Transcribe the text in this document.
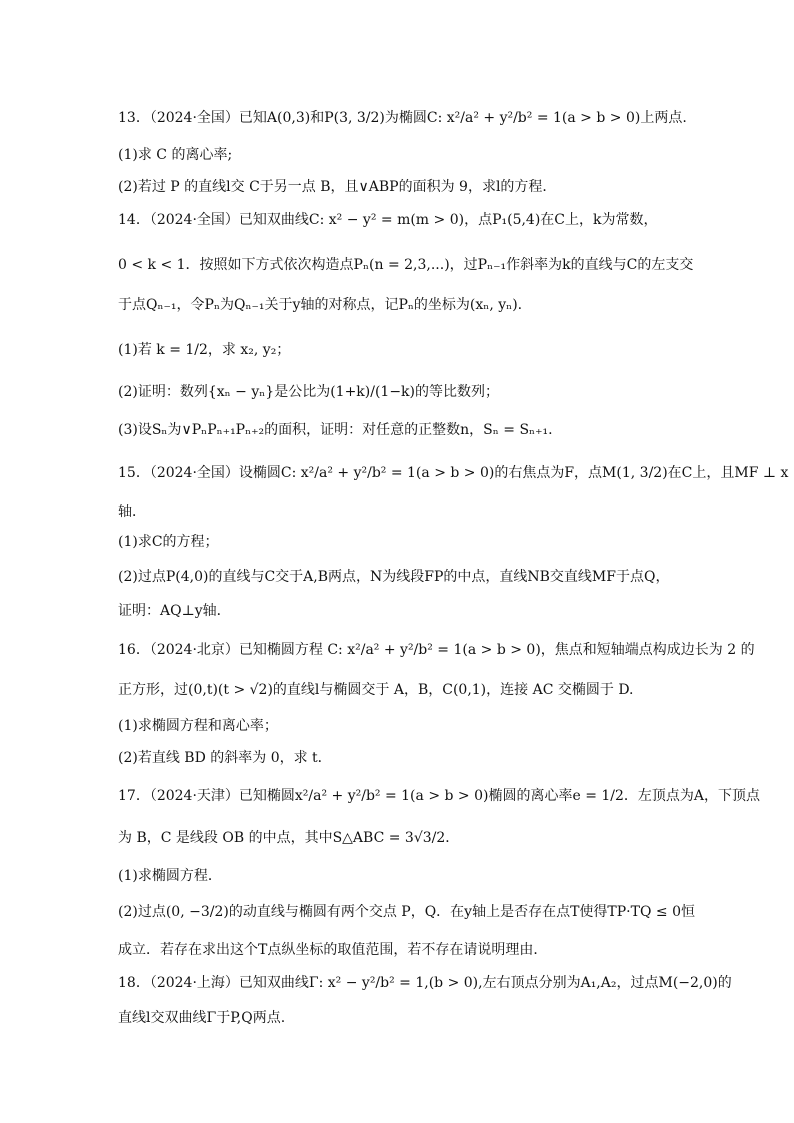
13．（2024·全国）已知A(0,3)和P(3, 3/2)为椭圆C: x²/a² + y²/b² = 1(a > b > 0)上两点.
(1)求 C 的离心率;
(2)若过 P 的直线l交 C于另一点 B，且∨ABP的面积为 9，求l的方程．
14．（2024·全国）已知双曲线C: x² − y² = m(m > 0)，点P₁(5,4)在C上，k为常数，
0 < k < 1．按照如下方式依次构造点Pₙ(n = 2,3,...)，过Pₙ₋₁作斜率为k的直线与C的左支交
于点Qₙ₋₁，令Pₙ为Qₙ₋₁关于y轴的对称点，记Pₙ的坐标为(xₙ, yₙ).
(1)若 k = 1/2，求 x₂, y₂；
(2)证明：数列{xₙ − yₙ}是公比为(1+k)/(1−k)的等比数列；
(3)设Sₙ为∨PₙPₙ₊₁Pₙ₊₂的面积，证明：对任意的正整数n，Sₙ = Sₙ₊₁.
15．（2024·全国）设椭圆C: x²/a² + y²/b² = 1(a > b > 0)的右焦点为F，点M(1, 3/2)在C上，且MF ⊥ x
轴．
(1)求C的方程；
(2)过点P(4,0)的直线与C交于A,B两点，N为线段FP的中点，直线NB交直线MF于点Q，
证明：AQ⊥y轴．
16．（2024·北京）已知椭圆方程 C: x²/a² + y²/b² = 1(a > b > 0)，焦点和短轴端点构成边长为 2 的
正方形，过(0,t)(t > √2)的直线l与椭圆交于 A，B，C(0,1)，连接 AC 交椭圆于 D.
(1)求椭圆方程和离心率；
(2)若直线 BD 的斜率为 0，求 t．
17．（2024·天津）已知椭圆x²/a² + y²/b² = 1(a > b > 0)椭圆的离心率e = 1/2．左顶点为A，下顶点
为 B，C 是线段 OB 的中点，其中S△ABC = 3√3/2．
(1)求椭圆方程．
(2)过点(0, −3/2)的动直线与椭圆有两个交点 P，Q．在y轴上是否存在点T使得TP·TQ ≤ 0恒
成立．若存在求出这个T点纵坐标的取值范围，若不存在请说明理由．
18．（2024·上海）已知双曲线Γ: x² − y²/b² = 1,(b > 0),左右顶点分别为A₁,A₂，过点M(−2,0)的
直线l交双曲线Γ于P,Q两点.
